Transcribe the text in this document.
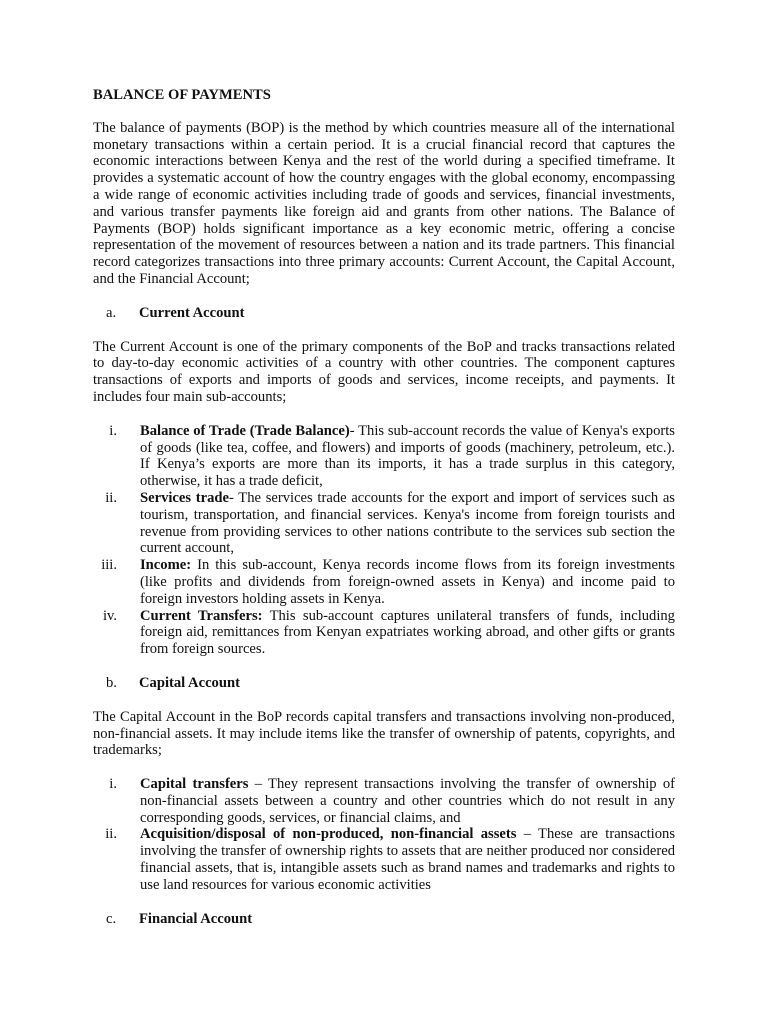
BALANCE OF PAYMENTS

The balance of payments (BOP) is the method by which countries measure all of the international monetary transactions within a certain period. It is a crucial financial record that captures the economic interactions between Kenya and the rest of the world during a specified timeframe. It provides a systematic account of how the country engages with the global economy, encompassing a wide range of economic activities including trade of goods and services, financial investments, and various transfer payments like foreign aid and grants from other nations. The Balance of Payments (BOP) holds significant importance as a key economic metric, offering a concise representation of the movement of resources between a nation and its trade partners. This financial record categorizes transactions into three primary accounts: Current Account, the Capital Account, and the Financial Account;

a.	Current Account

The Current Account is one of the primary components of the BoP and tracks transactions related to day-to-day economic activities of a country with other countries. The component captures transactions of exports and imports of goods and services, income receipts, and payments. It includes four main sub-accounts;

i. Balance of Trade (Trade Balance)- This sub-account records the value of Kenya's exports of goods (like tea, coffee, and flowers) and imports of goods (machinery, petroleum, etc.). If Kenya’s exports are more than its imports, it has a trade surplus in this category, otherwise, it has a trade deficit,
ii. Services trade- The services trade accounts for the export and import of services such as tourism, transportation, and financial services. Kenya's income from foreign tourists and revenue from providing services to other nations contribute to the services sub section the current account,
iii. Income: In this sub-account, Kenya records income flows from its foreign investments (like profits and dividends from foreign-owned assets in Kenya) and income paid to foreign investors holding assets in Kenya.
iv. Current Transfers: This sub-account captures unilateral transfers of funds, including foreign aid, remittances from Kenyan expatriates working abroad, and other gifts or grants from foreign sources.
b.	Capital Account

The Capital Account in the BoP records capital transfers and transactions involving non-produced, non-financial assets. It may include items like the transfer of ownership of patents, copyrights, and trademarks;

i. Capital transfers – They represent transactions involving the transfer of ownership of non-financial assets between a country and other countries which do not result in any corresponding goods, services, or financial claims, and
ii. Acquisition/disposal of non-produced, non-financial assets – These are transactions involving the transfer of ownership rights to assets that are neither produced nor considered financial assets, that is, intangible assets such as brand names and trademarks and rights to use land resources for various economic activities
c.	Financial Account
